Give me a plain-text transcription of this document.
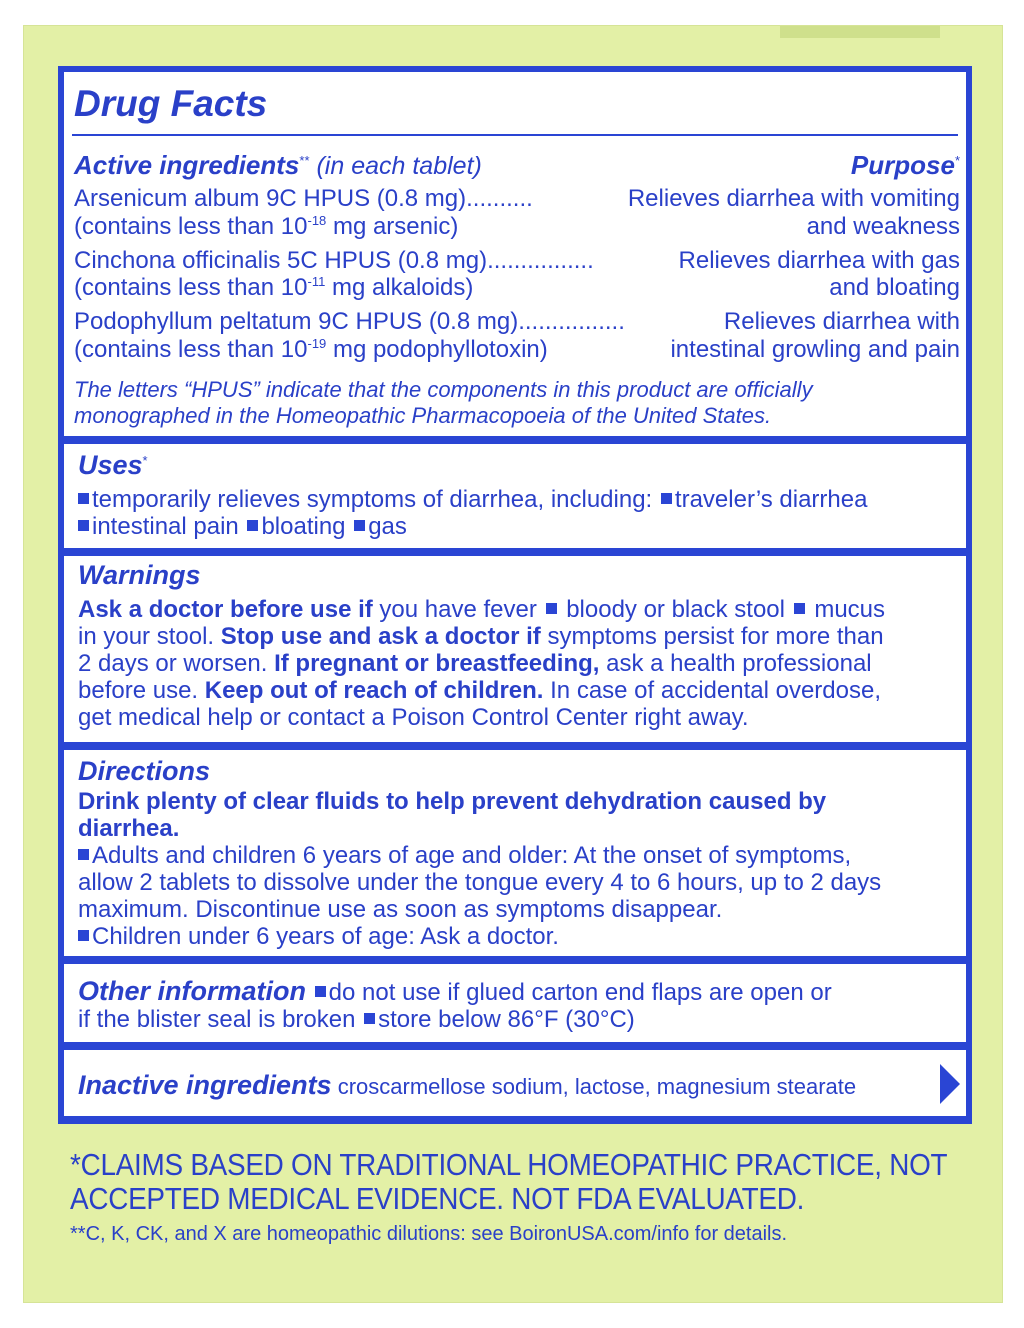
Drug Facts
Active ingredients** (in each tablet)	Purpose*
Arsenicum album 9C HPUS (0.8 mg)..........	Relieves diarrhea with vomiting
(contains less than $10^{-18}$ mg arsenic)	and weakness
Cinchona officinalis 5C HPUS (0.8 mg)................	Relieves diarrhea with gas
(contains less than $10^{-11}$ mg alkaloids)	and bloating
Podophyllum peltatum 9C HPUS (0.8 mg)................	Relieves diarrhea with
(contains less than $10^{-19}$ mg podophyllotoxin)	intestinal growling and pain
The letters “HPUS” indicate that the components in this product are officially
monographed in the Homeopathic Pharmacopoeia of the United States.
Uses*
temporarily relieves symptoms of diarrhea, including: traveler’s diarrhea
intestinal pain bloating gas
Warnings
Ask a doctor before use if you have fever  bloody or black stool  mucus
in your stool. Stop use and ask a doctor if symptoms persist for more than
2 days or worsen. If pregnant or breastfeeding, ask a health professional
before use. Keep out of reach of children. In case of accidental overdose,
get medical help or contact a Poison Control Center right away.
Directions
Drink plenty of clear fluids to help prevent dehydration caused by
diarrhea.
Adults and children 6 years of age and older: At the onset of symptoms,
allow 2 tablets to dissolve under the tongue every 4 to 6 hours, up to 2 days
maximum. Discontinue use as soon as symptoms disappear.
Children under 6 years of age: Ask a doctor.
Other information do not use if glued carton end flaps are open or
if the blister seal is broken store below 86°F (30°C)
Inactive ingredients croscarmellose sodium, lactose, magnesium stearate
*CLAIMS BASED ON TRADITIONAL HOMEOPATHIC PRACTICE, NOT
ACCEPTED MEDICAL EVIDENCE. NOT FDA EVALUATED.
**C, K, CK, and X are homeopathic dilutions: see BoironUSA.com/info for details.
